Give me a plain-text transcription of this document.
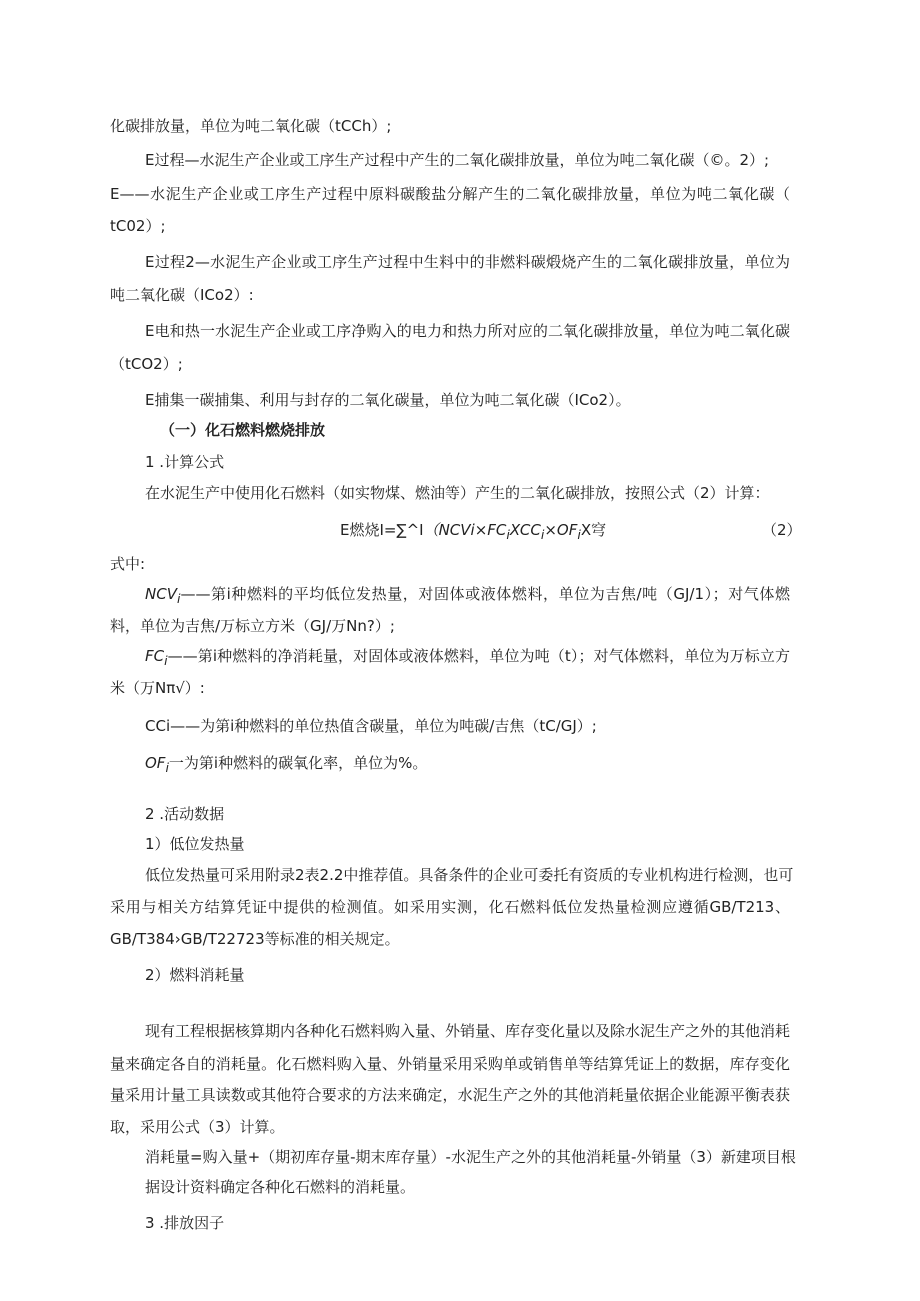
化碳排放量，单位为吨二氧化碳（tCCh）;
E过程—水泥生产企业或工序生产过程中产生的二氧化碳排放量，单位为吨二氧化碳（©。2）;
E——水泥生产企业或工序生产过程中原料碳酸盐分解产生的二氧化碳排放量，单位为吨二氧化碳（
tC02）;
E过程2—水泥生产企业或工序生产过程中生料中的非燃料碳煅烧产生的二氧化碳排放量，单位为
吨二氧化碳（ICo2）:
E电和热一水泥生产企业或工序净购入的电力和热力所对应的二氧化碳排放量，单位为吨二氧化碳
（tCO2）;
E捕集一碳捕集、利用与封存的二氧化碳量，单位为吨二氧化碳（ICo2）。
（一）化石燃料燃烧排放
1 .计算公式
在水泥生产中使用化石燃料（如实物煤、燃油等）产生的二氧化碳排放，按照公式（2）计算：
E燃烧$I=\sum\^{}I(NCVi\times FC_iXCC_i\times OF_iX$穹	（2）
式中:
$NCV_i——$第i种燃料的平均低位发热量，对固体或液体燃料，单位为吉焦/吨（GJ/1）；对气体燃
料，单位为吉焦/万标立方米（GJ/万Nn?）;
$FC_i——$第i种燃料的净消耗量，对固体或液体燃料，单位为吨（t）；对气体燃料，单位为万标立方
米（万Nπ√）:
CCi——为第i种燃料的单位热值含碳量，单位为吨碳/吉焦（tC∕GJ）;
$OF_i$一为第i种燃料的碳氧化率，单位为%。
2 .活动数据
1）低位发热量
低位发热量可采用附录2表2.2中推荐值。具备条件的企业可委托有资质的专业机构进行检测，也可
采用与相关方结算凭证中提供的检测值。如采用实测，化石燃料低位发热量检测应遵循GB/T213、
GB/T384›GB/T22723等标准的相关规定。
2）燃料消耗量
现有工程根据核算期内各种化石燃料购入量、外销量、库存变化量以及除水泥生产之外的其他消耗
量来确定各自的消耗量。化石燃料购入量、外销量采用采购单或销售单等结算凭证上的数据，库存变化
量采用计量工具读数或其他符合要求的方法来确定，水泥生产之外的其他消耗量依据企业能源平衡表获
取，采用公式（3）计算。
消耗量=购入量+（期初库存量-期末库存量）-水泥生产之外的其他消耗量-外销量（3）新建项目根
据设计资料确定各种化石燃料的消耗量。
3 .排放因子
